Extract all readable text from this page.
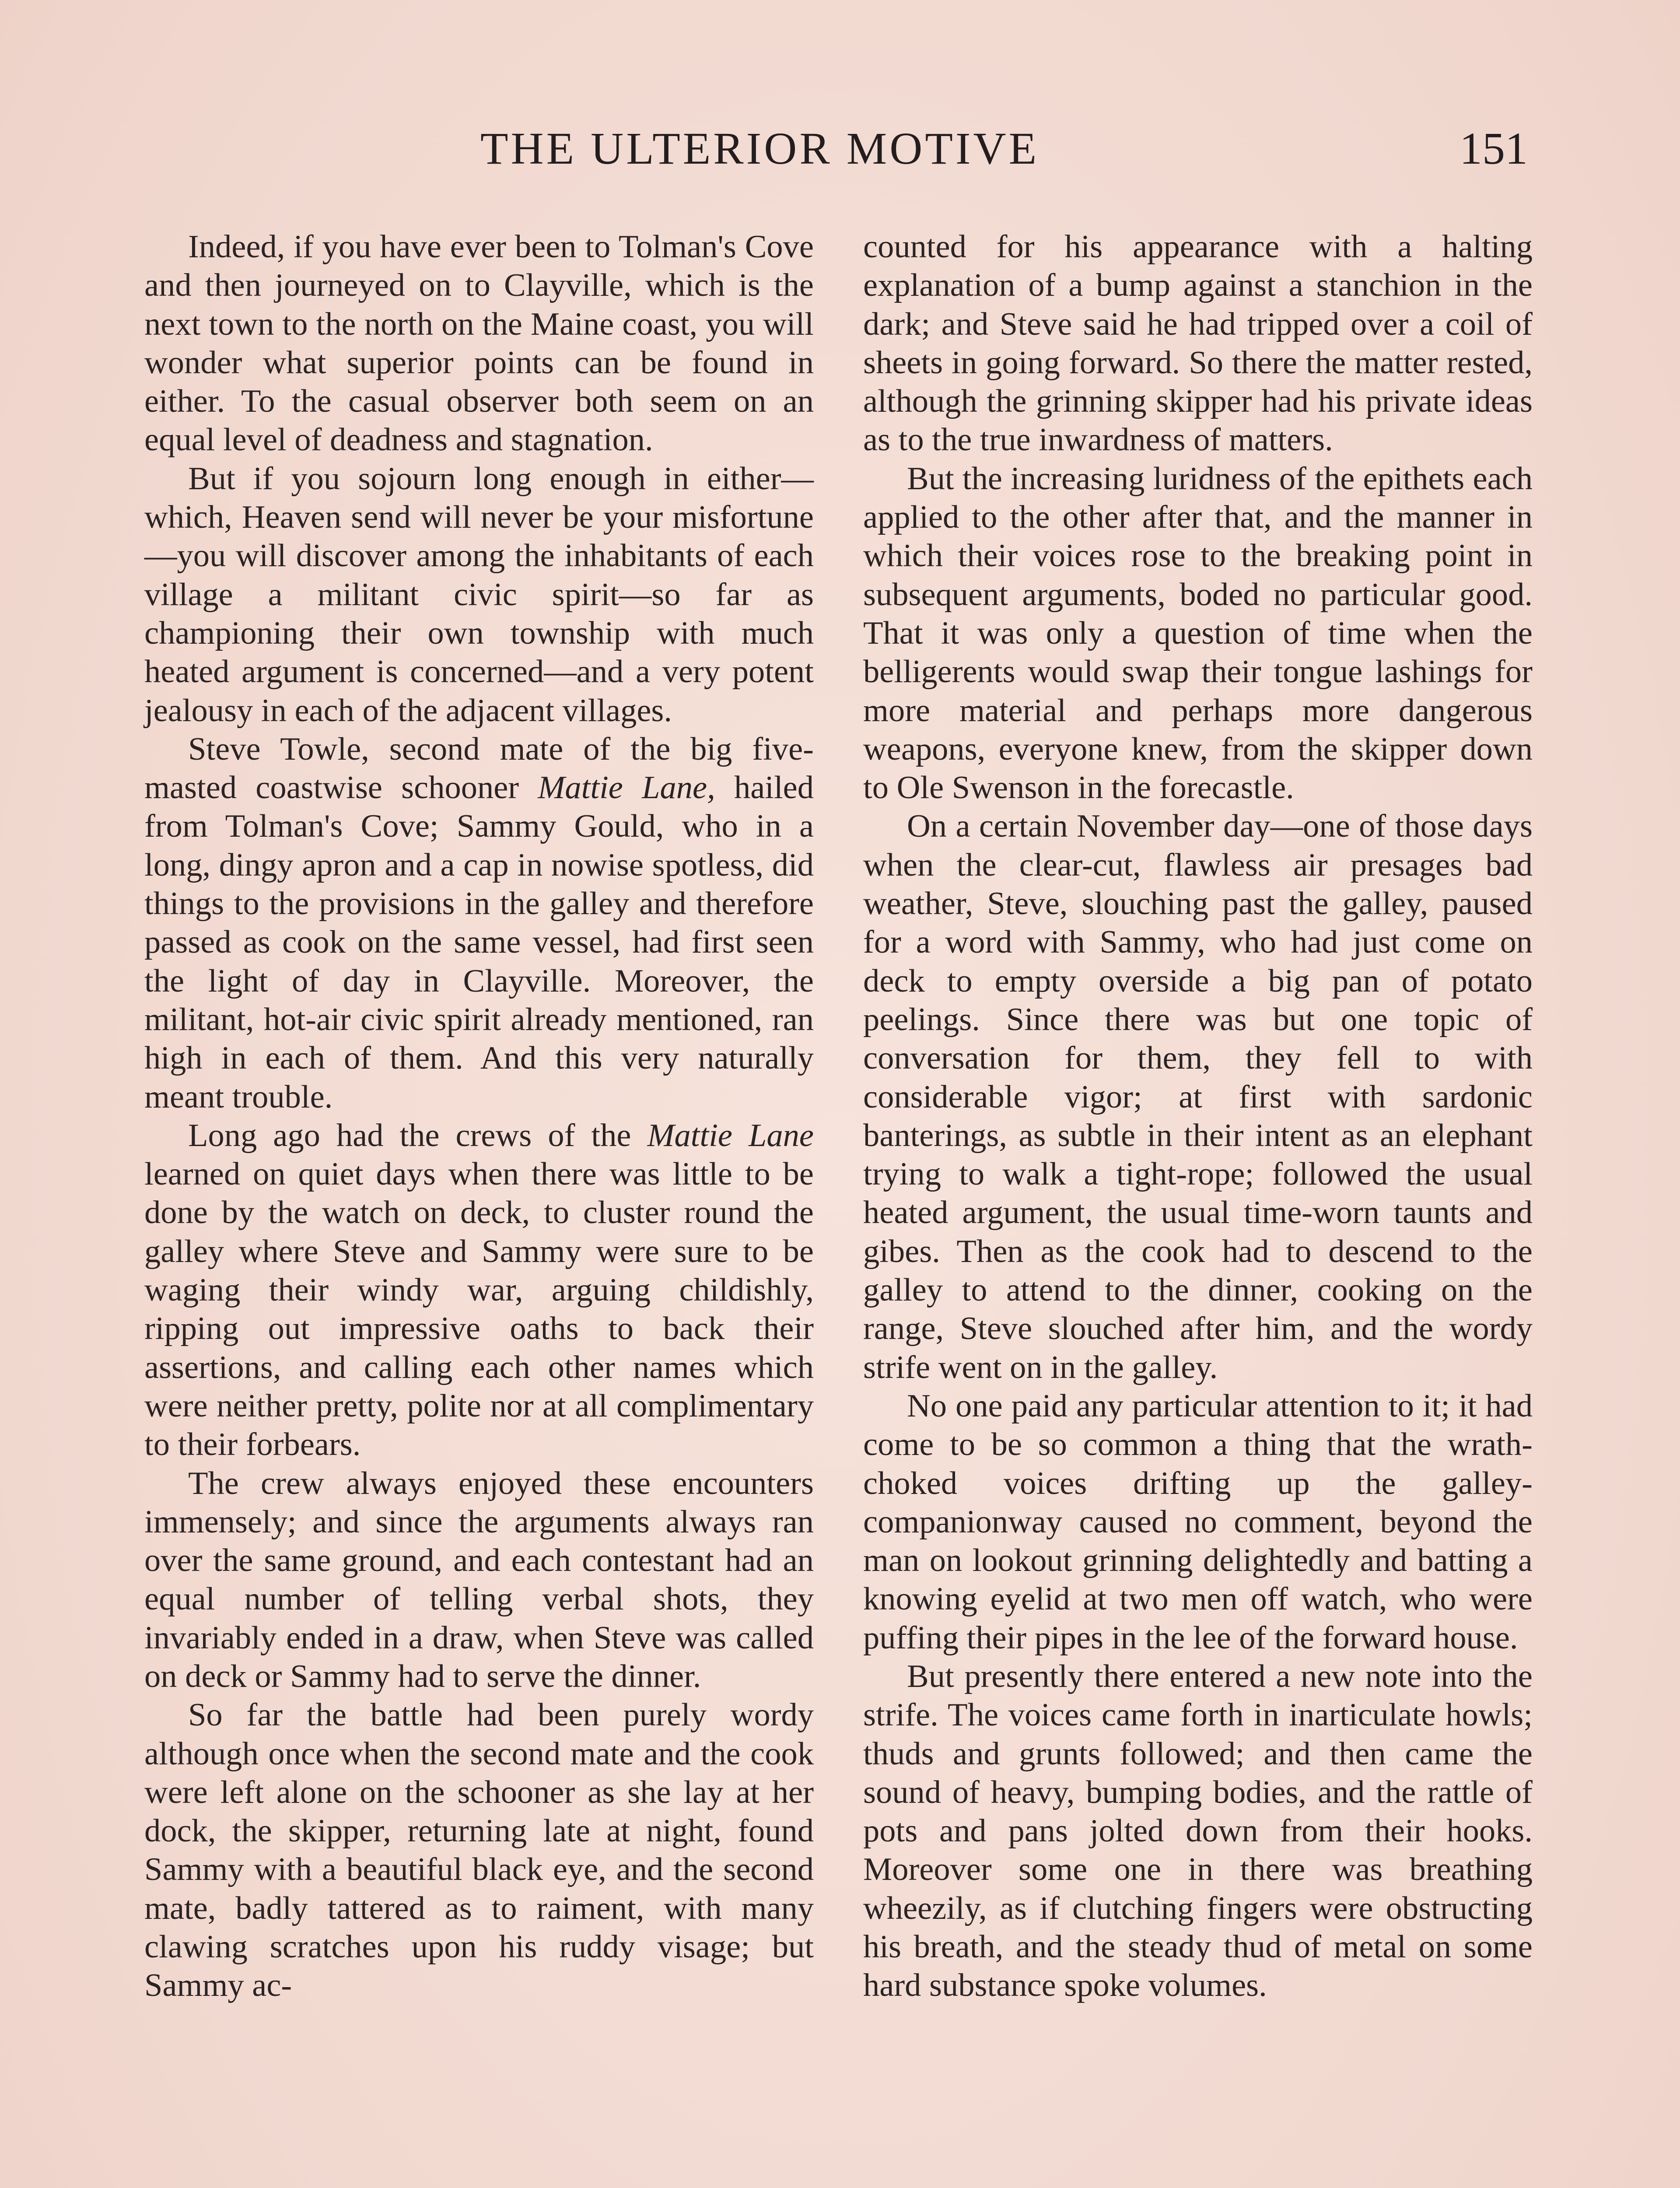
THE ULTERIOR MOTIVE	151

Indeed, if you have ever been to Tolman's Cove and then journeyed on to Clayville, which is the next town to the north on the Maine coast, you will wonder what superior points can be found in either. To the casual observer both seem on an equal level of deadness and stagnation.

But if you sojourn long enough in either—which, Heaven send will never be your misfortune—you will discover among the inhabitants of each village a militant civic spirit—so far as championing their own township with much heated argument is concerned—and a very potent jealousy in each of the adjacent villages.

Steve Towle, second mate of the big five-masted coastwise schooner Mattie Lane, hailed from Tolman's Cove; Sammy Gould, who in a long, dingy apron and a cap in nowise spotless, did things to the provisions in the galley and therefore passed as cook on the same vessel, had first seen the light of day in Clayville. Moreover, the militant, hot-air civic spirit already mentioned, ran high in each of them. And this very naturally meant trouble.

Long ago had the crews of the Mattie Lane learned on quiet days when there was little to be done by the watch on deck, to cluster round the galley where Steve and Sammy were sure to be waging their windy war, arguing childishly, ripping out impressive oaths to back their assertions, and calling each other names which were neither pretty, polite nor at all complimentary to their forbears.

The crew always enjoyed these encounters immensely; and since the arguments always ran over the same ground, and each contestant had an equal number of telling verbal shots, they invariably ended in a draw, when Steve was called on deck or Sammy had to serve the dinner.

So far the battle had been purely wordy although once when the second mate and the cook were left alone on the schooner as she lay at her dock, the skipper, returning late at night, found Sammy with a beautiful black eye, and the second mate, badly tattered as to raiment, with many clawing scratches upon his ruddy visage; but Sammy ac-

counted for his appearance with a halting explanation of a bump against a stanchion in the dark; and Steve said he had tripped over a coil of sheets in going forward. So there the matter rested, although the grinning skipper had his private ideas as to the true inwardness of matters.

But the increasing luridness of the epithets each applied to the other after that, and the manner in which their voices rose to the breaking point in subsequent arguments, boded no particular good. That it was only a question of time when the belligerents would swap their tongue lashings for more material and perhaps more dangerous weapons, everyone knew, from the skipper down to Ole Swenson in the forecastle.

On a certain November day—one of those days when the clear-cut, flawless air presages bad weather, Steve, slouching past the galley, paused for a word with Sammy, who had just come on deck to empty overside a big pan of potato peelings. Since there was but one topic of conversation for them, they fell to with considerable vigor; at first with sardonic banterings, as subtle in their intent as an elephant trying to walk a tight-rope; followed the usual heated argument, the usual time-worn taunts and gibes. Then as the cook had to descend to the galley to attend to the dinner, cooking on the range, Steve slouched after him, and the wordy strife went on in the galley.

No one paid any particular attention to it; it had come to be so common a thing that the wrath-choked voices drifting up the galley-companionway caused no comment, beyond the man on lookout grinning delightedly and batting a knowing eyelid at two men off watch, who were puffing their pipes in the lee of the forward house.

But presently there entered a new note into the strife. The voices came forth in inarticulate howls; thuds and grunts followed; and then came the sound of heavy, bumping bodies, and the rattle of pots and pans jolted down from their hooks. Moreover some one in there was breathing wheezily, as if clutching fingers were obstructing his breath, and the steady thud of metal on some hard substance spoke volumes.
